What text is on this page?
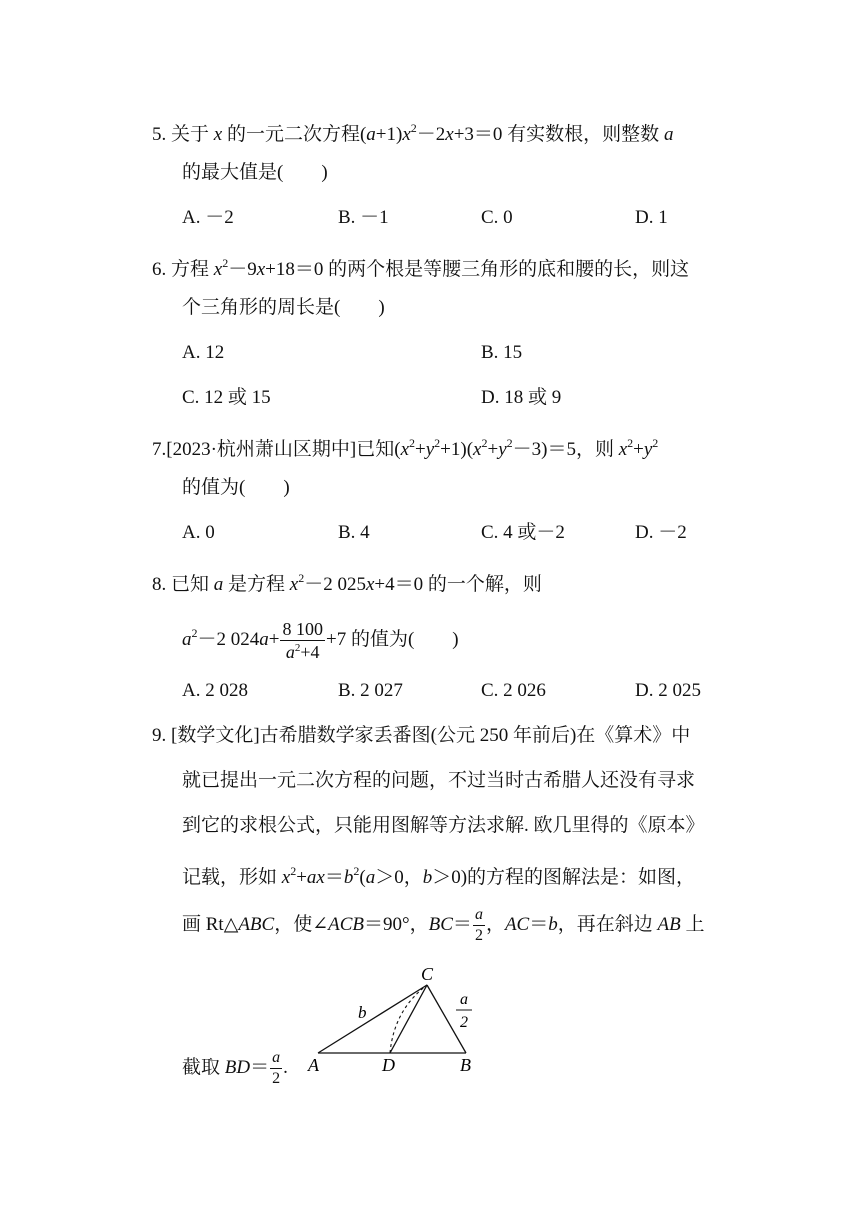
5. 关于 x 的一元二次方程$(a+1)x^2-2x+3=0$ 有实数根，则整数 a
的最大值是(　　)
A. －2	B. －1	C. 0	D. 1
6. 方程 $x^2-9x+18=0$ 的两个根是等腰三角形的底和腰的长，则这
个三角形的周长是(　　)
A. 12	B. 15
C. 12 或 15	D. 18 或 9
7.[2023·杭州萧山区期中]已知$(x^2+y^2+1)(x^2+y^2-3)=5$，则 $x^2+y^2$
的值为(　　)
A. 0	B. 4	C. 4 或－2	D. －2
8. 已知 a 是方程 $x^2-2$ 025x+4＝0 的一个解，则
$a^2-2$ $024a+ \frac{8 100}{a^2+4} +7$ 的值为(　　)
A. 2 028	B. 2 027	C. 2 026	D. 2 025
9. [数学文化]古希腊数学家丢番图(公元 250 年前后)在《算术》中
就已提出一元二次方程的问题，不过当时古希腊人还没有寻求
到它的求根公式，只能用图解等方法求解. 欧几里得的《原本》
记载，形如 $x^2+ax=b^2(a>0$，b＞0)的方程的图解法是：如图，
画 Rt△ABC，使∠ACB＝90°，$BC= \frac{a}{2}$ ，AC＝b，再在斜边 AB 上
截取 $BD= \frac{a}{2}$ .
C
A	D	B
b
a
2
